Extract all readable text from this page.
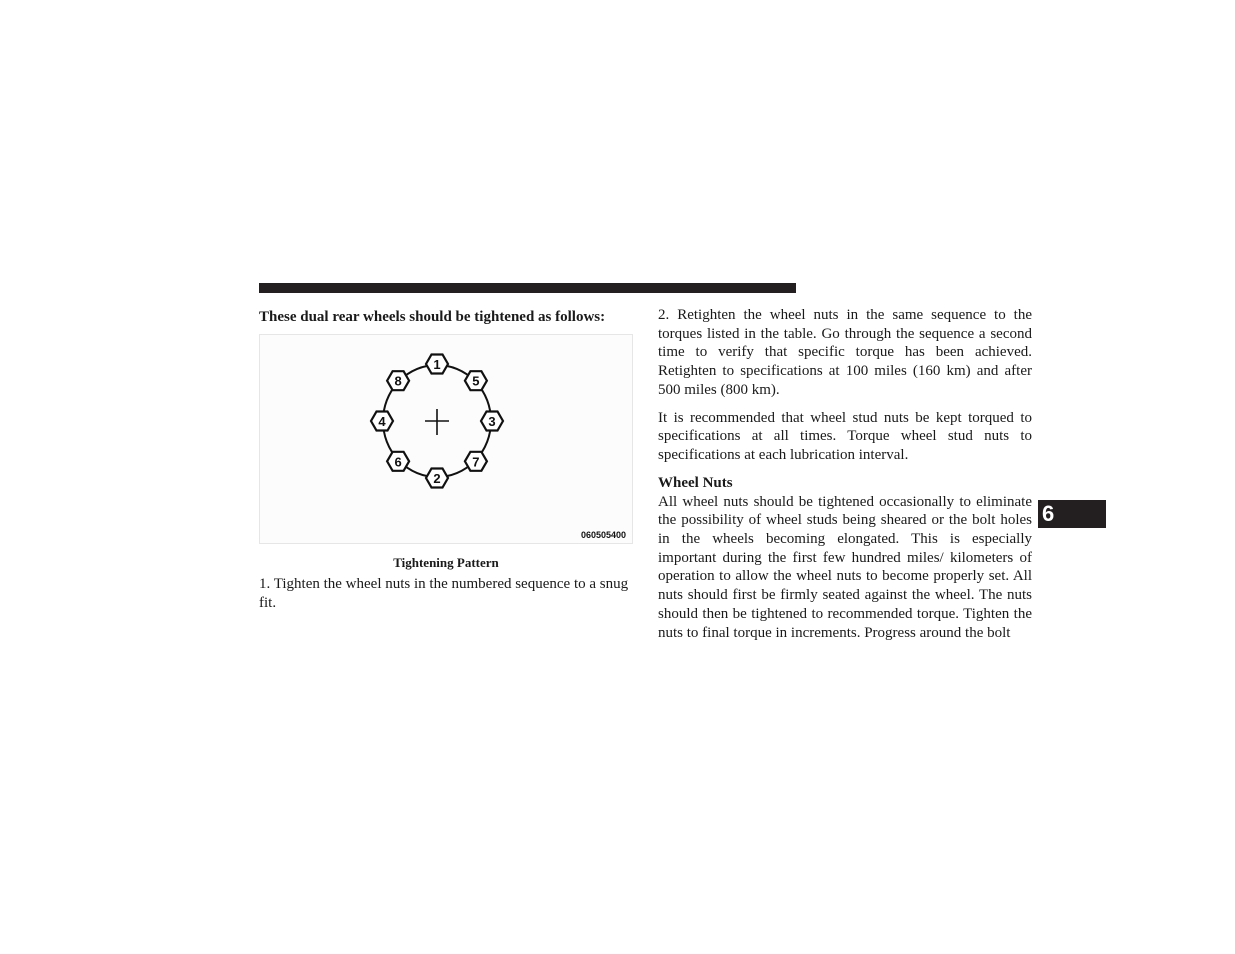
These dual rear wheels should be tightened as follows:

1
5
3
7
2
6
4
8
060505400
Tightening Pattern

1. Tighten the wheel nuts in the numbered sequence to a snug fit.

2. Retighten the wheel nuts in the same sequence to the torques listed in the table. Go through the sequence a second time to verify that specific torque has been achieved. Retighten to specifications at 100 miles (160 km) and after 500 miles (800 km).

It is recommended that wheel stud nuts be kept torqued to specifications at all times. Torque wheel stud nuts to specifications at each lubrication interval.

Wheel Nuts

All wheel nuts should be tightened occasionally to eliminate the possibility of wheel studs being sheared or the bolt holes in the wheels becoming elongated. This is especially important during the first few hundred miles/ kilometers of operation to allow the wheel nuts to become properly set. All nuts should first be firmly seated against the wheel. The nuts should then be tightened to recommended torque. Tighten the nuts to final torque in increments. Progress around the bolt

6
